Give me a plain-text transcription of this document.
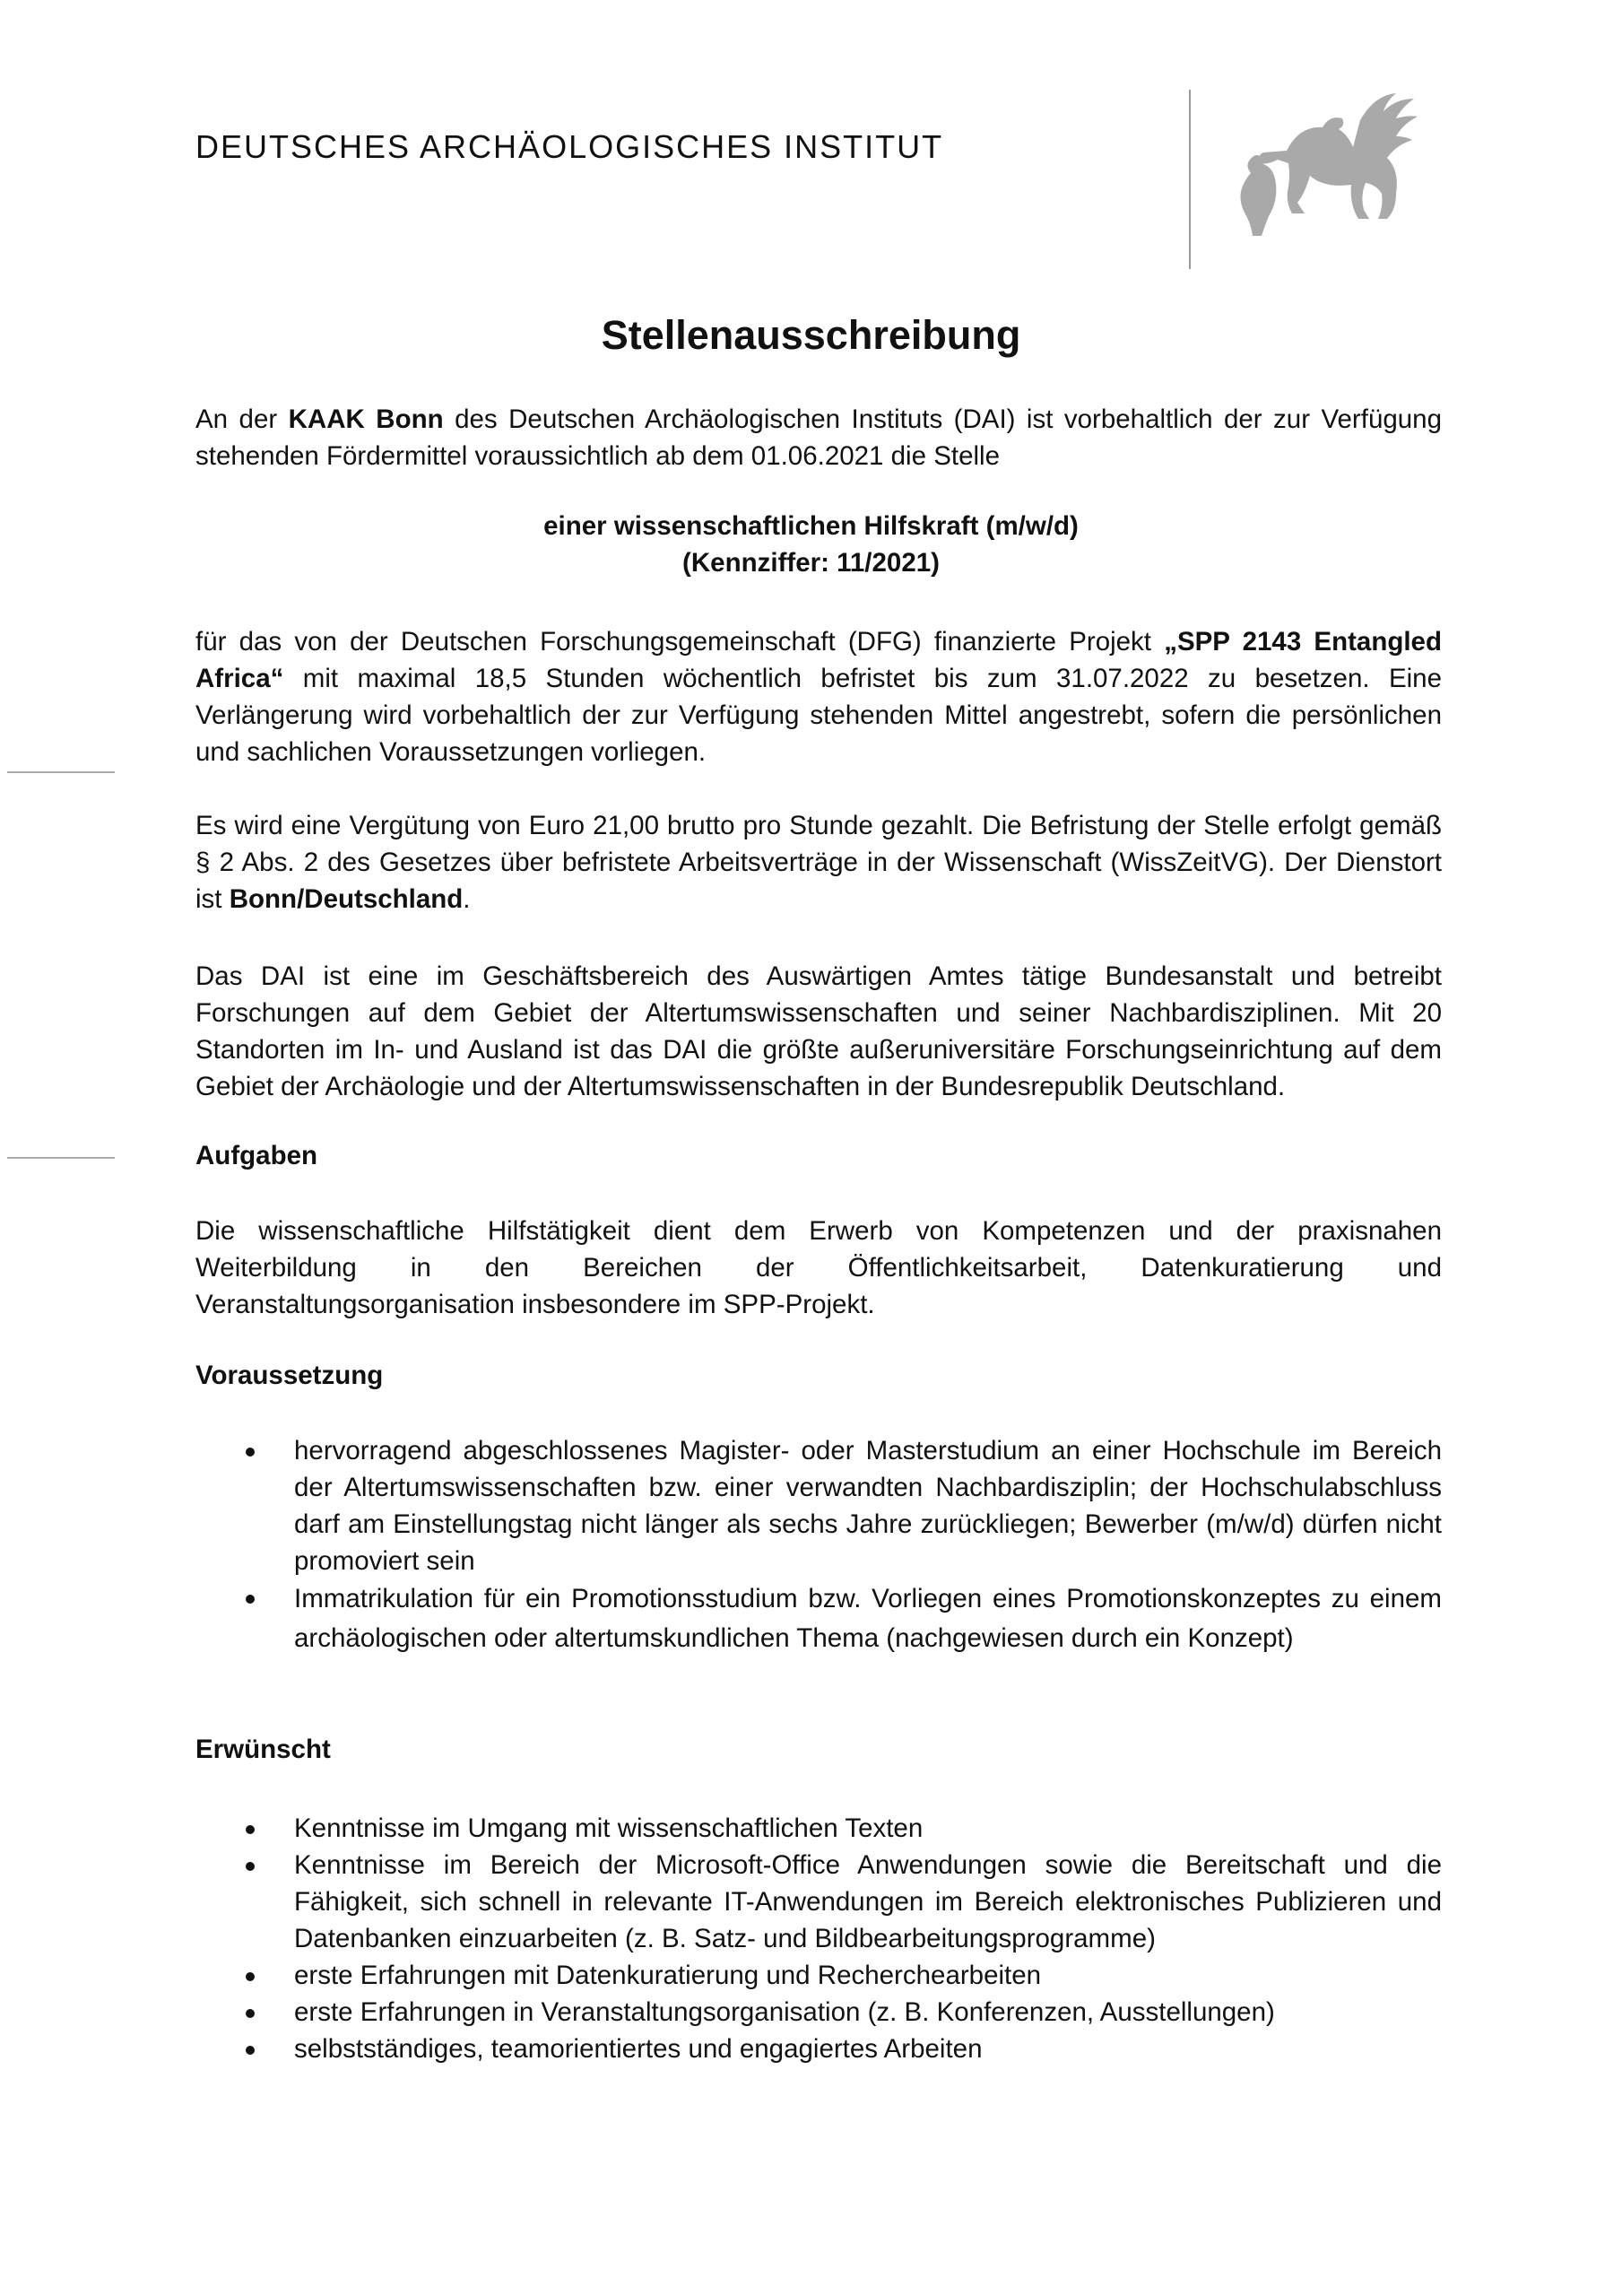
DEUTSCHES ARCHÄOLOGISCHES INSTITUT
Stellenausschreibung
An der KAAK Bonn des Deutschen Archäologischen Instituts (DAI) ist vorbehaltlich der zur Verfügung stehenden Fördermittel voraussichtlich ab dem 01.06.2021 die Stelle
einer wissenschaftlichen Hilfskraft (m/w/d)
(Kennziffer: 11/2021)
für das von der Deutschen Forschungsgemeinschaft (DFG) finanzierte Projekt „SPP 2143 Entangled Africa“ mit maximal 18,5 Stunden wöchentlich befristet bis zum 31.07.2022 zu besetzen. Eine Verlängerung wird vorbehaltlich der zur Verfügung stehenden Mittel angestrebt, sofern die persönlichen und sachlichen Voraussetzungen vorliegen.
Es wird eine Vergütung von Euro 21,00 brutto pro Stunde gezahlt. Die Befristung der Stelle erfolgt gemäß § 2 Abs. 2 des Gesetzes über befristete Arbeitsverträge in der Wissenschaft (WissZeitVG). Der Dienstort ist Bonn/Deutschland.
Das DAI ist eine im Geschäftsbereich des Auswärtigen Amtes tätige Bundesanstalt und betreibt Forschungen auf dem Gebiet der Altertumswissenschaften und seiner Nachbardisziplinen. Mit 20 Standorten im In- und Ausland ist das DAI die größte außeruniversitäre Forschungseinrichtung auf dem Gebiet der Archäologie und der Altertumswissenschaften in der Bundesrepublik Deutschland.
Aufgaben
Die wissenschaftliche Hilfstätigkeit dient dem Erwerb von Kompetenzen und der praxisnahen Weiterbildung in den Bereichen der Öffentlichkeitsarbeit, Datenkuratierung und Veranstaltungsorganisation insbesondere im SPP-Projekt.
Voraussetzung
hervorragend abgeschlossenes Magister- oder Masterstudium an einer Hochschule im Bereich der Altertumswissenschaften bzw. einer verwandten Nachbardisziplin; der Hochschulabschluss darf am Einstellungstag nicht länger als sechs Jahre zurückliegen; Bewerber (m/w/d) dürfen nicht promoviert sein
Immatrikulation für ein Promotionsstudium bzw. Vorliegen eines Promotionskonzeptes zu einem archäologischen oder altertumskundlichen Thema (nachgewiesen durch ein Konzept)
Erwünscht
Kenntnisse im Umgang mit wissenschaftlichen Texten
Kenntnisse im Bereich der Microsoft-Office Anwendungen sowie die Bereitschaft und die Fähigkeit, sich schnell in relevante IT-Anwendungen im Bereich elektronisches Publizieren und Datenbanken einzuarbeiten (z. B. Satz- und Bildbearbeitungsprogramme)
erste Erfahrungen mit Datenkuratierung und Recherchearbeiten
erste Erfahrungen in Veranstaltungsorganisation (z. B. Konferenzen, Ausstellungen)
selbstständiges, teamorientiertes und engagiertes Arbeiten
